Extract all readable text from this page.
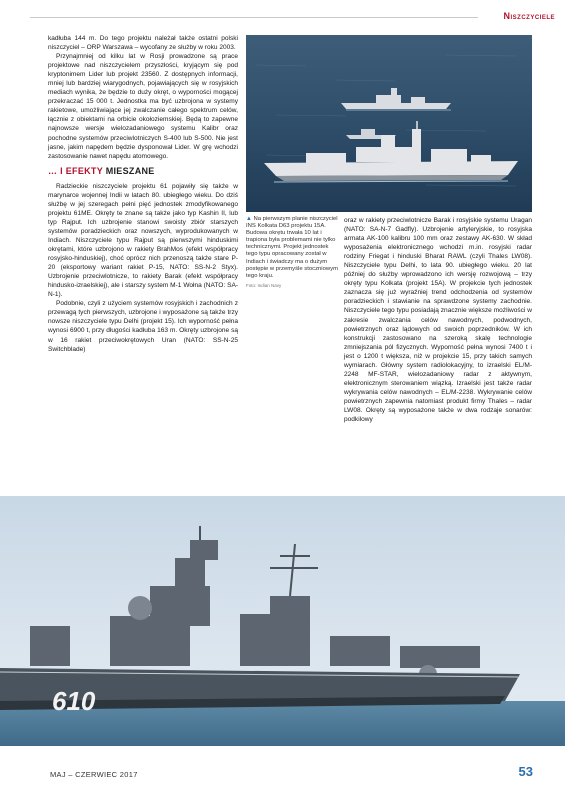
Niszczyciele

kadłuba 144 m. Do tego projektu należał także ostatni polski niszczyciel – ORP Warszawa – wycofany ze służby w roku 2003.

Przynajmniej od kilku lat w Rosji prowadzone są prace projektowe nad niszczycielem przyszłości, kryjącym się pod kryptonimem Lider lub projekt 23560. Z dostępnych informacji, mniej lub bardziej wiarygodnych, pojawiających się w rosyjskich mediach wynika, że będzie to duży okręt, o wyporności mogącej przekraczać 15 000 t. Jednostka ma być uzbrojona w systemy rakietowe, umożliwiające jej zwalczanie całego spektrum celów, łącznie z obiektami na orbicie okołoziemskiej. Będą to zapewne najnowsze wersje wielozadaniowego systemu Kalibr oraz pochodne systemów przeciwlotniczych S-400 lub S-500. Nie jest jasne, jakim napędem będzie dysponował Lider. W grę wchodzi zastosowanie nawet napędu atomowego.

… I EFEKTY MIESZANE

Radzieckie niszczyciele projektu 61 pojawiły się także w marynarce wojennej Indii w latach 80. ubiegłego wieku. Do dziś służbę w jej szeregach pełni pięć jednostek zmodyfikowanego projektu 61ME. Okręty te znane są także jako typ Kashin II, lub typ Rajput. Ich uzbrojenie stanowi swoisty zbiór starszych systemów poradzieckich oraz nowszych, wyprodukowanych w Indiach. Niszczyciele typu Rajput są pierwszymi hinduskimi okrętami, które uzbrojono w rakiety BrahMos (efekt współpracy rosyjsko-hinduskiej), choć oprócz nich przenoszą także stare P-20 (eksportowy wariant rakiet P-15, NATO: SS-N-2 Styx). Uzbrojenie przeciwlotnicze, to rakiety Barak (efekt współpracy hindusko-izraelskiej), ale i starszy system M-1 Wołna (NATO: SA-N-1).

Podobnie, czyli z użyciem systemów rosyjskich i zachodnich z przewagą tych pierwszych, uzbrojone i wyposażone są także trzy nowsze niszczyciele typu Delhi (projekt 15). Ich wyporność pełna wynosi 6900 t, przy długości kadłuba 163 m. Okręty uzbrojone są w 16 rakiet przeciwokrętowych Uran (NATO: SS-N-25 Switchblade)

▲ Na pierwszym planie niszczyciel INS Kolkata D63 projektu 15A. Budowa okrętu trwała 10 lat i trapiona była problemami nie tylko technicznymi. Projekt jednostek tego typu opracowany został w Indiach i świadczy ma o dużym postępie w przemyśle stoczniowym tego kraju.
Foto: Indian Navy

oraz w rakiety przeciwlotnicze Barak i rosyjskie systemu Uragan (NATO: SA-N-7 Gadfly). Uzbrojenie artyleryjskie, to rosyjska armata AK-100 kalibru 100 mm oraz zestawy AK-630. W skład wyposażenia elektronicznego wchodzi m.in. rosyjski radar rodziny Friegat i hinduski Bharat RAWL (czyli Thales LW08). Niszczyciele typu Delhi, to lata 90. ubiegłego wieku. 20 lat później do służby wprowadzono ich wersję rozwojową – trzy okręty typu Kolkata (projekt 15A). W projekcie tych jednostek zaznacza się już wyraźniej trend odchodzenia od systemów poradzieckich i stawianie na sprawdzone systemy zachodnie. Niszczyciele tego typu posiadają znacznie większe możliwości w zakresie zwalczania celów nawodnych, podwodnych, powietrznych oraz lądowych od swoich poprzedników. W ich konstrukcji zastosowano na szeroką skalę technologie zmniejszania pól fizycznych. Wyporność pełna wynosi 7400 t i jest o 1200 t większa, niż w projekcie 15, przy takich samych wymiarach. Główny system radiolokacyjny, to izraelski EL/M-2248 MF-STAR, wielozadaniowy radar z aktywnym, elektronicznym sterowaniem wiązką. Izraelski jest także radar wykrywania celów nawodnych – EL/M-2238. Wykrywanie celów powietrznych zapewnia natomiast produkt firmy Thales – radar LW08. Okręty są wyposażone także w dwa rodzaje sonarów: podkilowy

610
MAJ – CZERWIEC 2017	53
